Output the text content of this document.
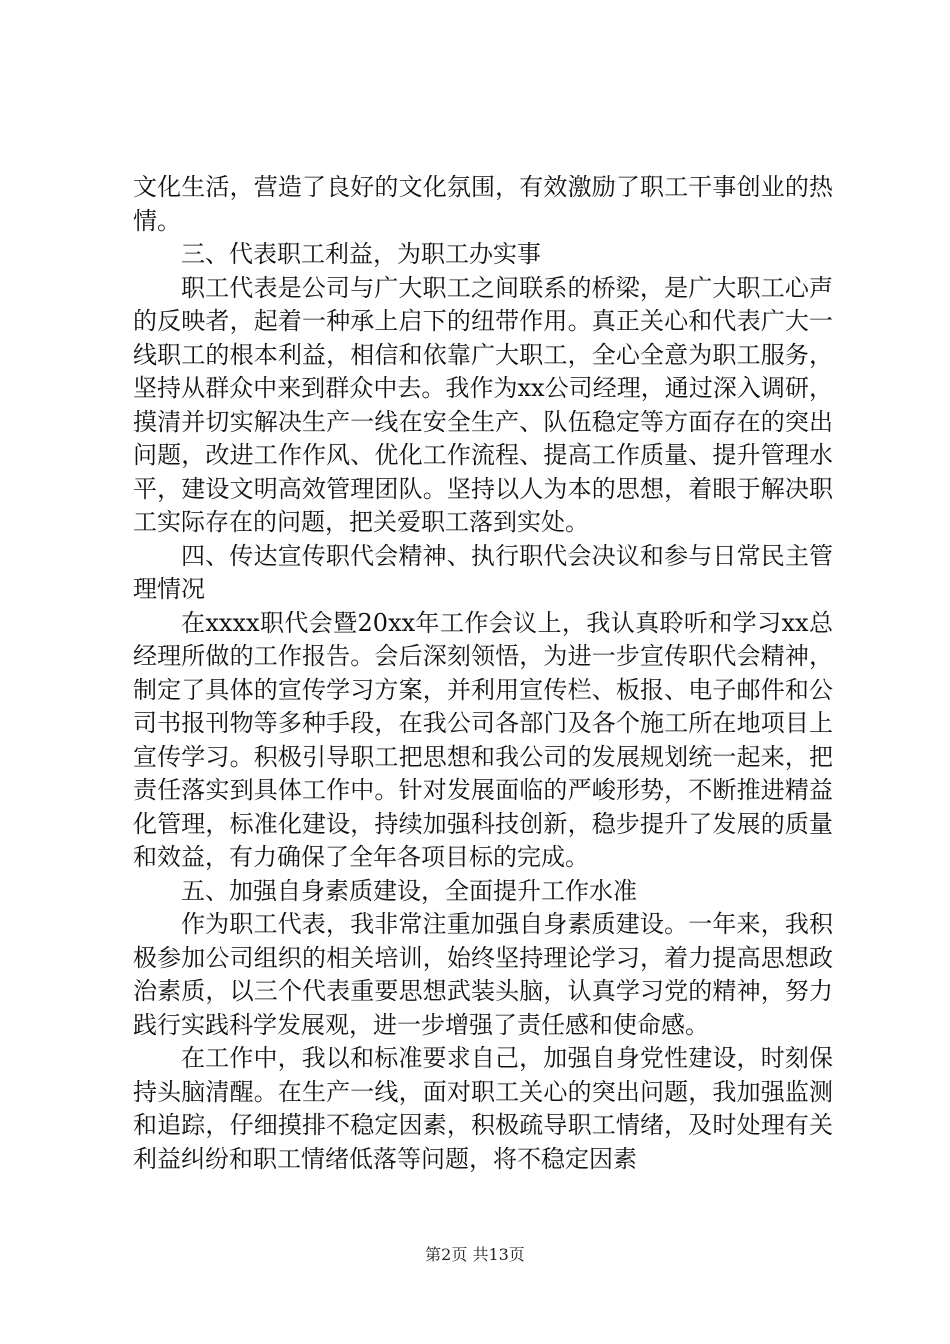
文化生活，营造了良好的文化氛围，有效激励了职工干事创业的热情。

三、代表职工利益，为职工办实事

职工代表是公司与广大职工之间联系的桥梁，是广大职工心声的反映者，起着一种承上启下的纽带作用。真正关心和代表广大一线职工的根本利益，相信和依靠广大职工，全心全意为职工服务，坚持从群众中来到群众中去。我作为xx公司经理，通过深入调研，摸清并切实解决生产一线在安全生产、队伍稳定等方面存在的突出问题，改进工作作风、优化工作流程、提高工作质量、提升管理水平，建设文明高效管理团队。坚持以人为本的思想，着眼于解决职工实际存在的问题，把关爱职工落到实处。

四、传达宣传职代会精神、执行职代会决议和参与日常民主管理情况

在xxxx职代会暨20xx年工作会议上，我认真聆听和学习xx总经理所做的工作报告。会后深刻领悟，为进一步宣传职代会精神，制定了具体的宣传学习方案，并利用宣传栏、板报、电子邮件和公司书报刊物等多种手段，在我公司各部门及各个施工所在地项目上宣传学习。积极引导职工把思想和我公司的发展规划统一起来，把责任落实到具体工作中。针对发展面临的严峻形势，不断推进精益化管理，标准化建设，持续加强科技创新，稳步提升了发展的质量和效益，有力确保了全年各项目标的完成。

五、加强自身素质建设，全面提升工作水准

作为职工代表，我非常注重加强自身素质建设。一年来，我积极参加公司组织的相关培训，始终坚持理论学习，着力提高思想政治素质，以三个代表重要思想武装头脑，认真学习党的精神，努力践行实践科学发展观，进一步增强了责任感和使命感。

在工作中，我以和标准要求自己，加强自身党性建设，时刻保持头脑清醒。在生产一线，面对职工关心的突出问题，我加强监测和追踪，仔细摸排不稳定因素，积极疏导职工情绪，及时处理有关利益纠纷和职工情绪低落等问题，将不稳定因素

第2页 共13页
